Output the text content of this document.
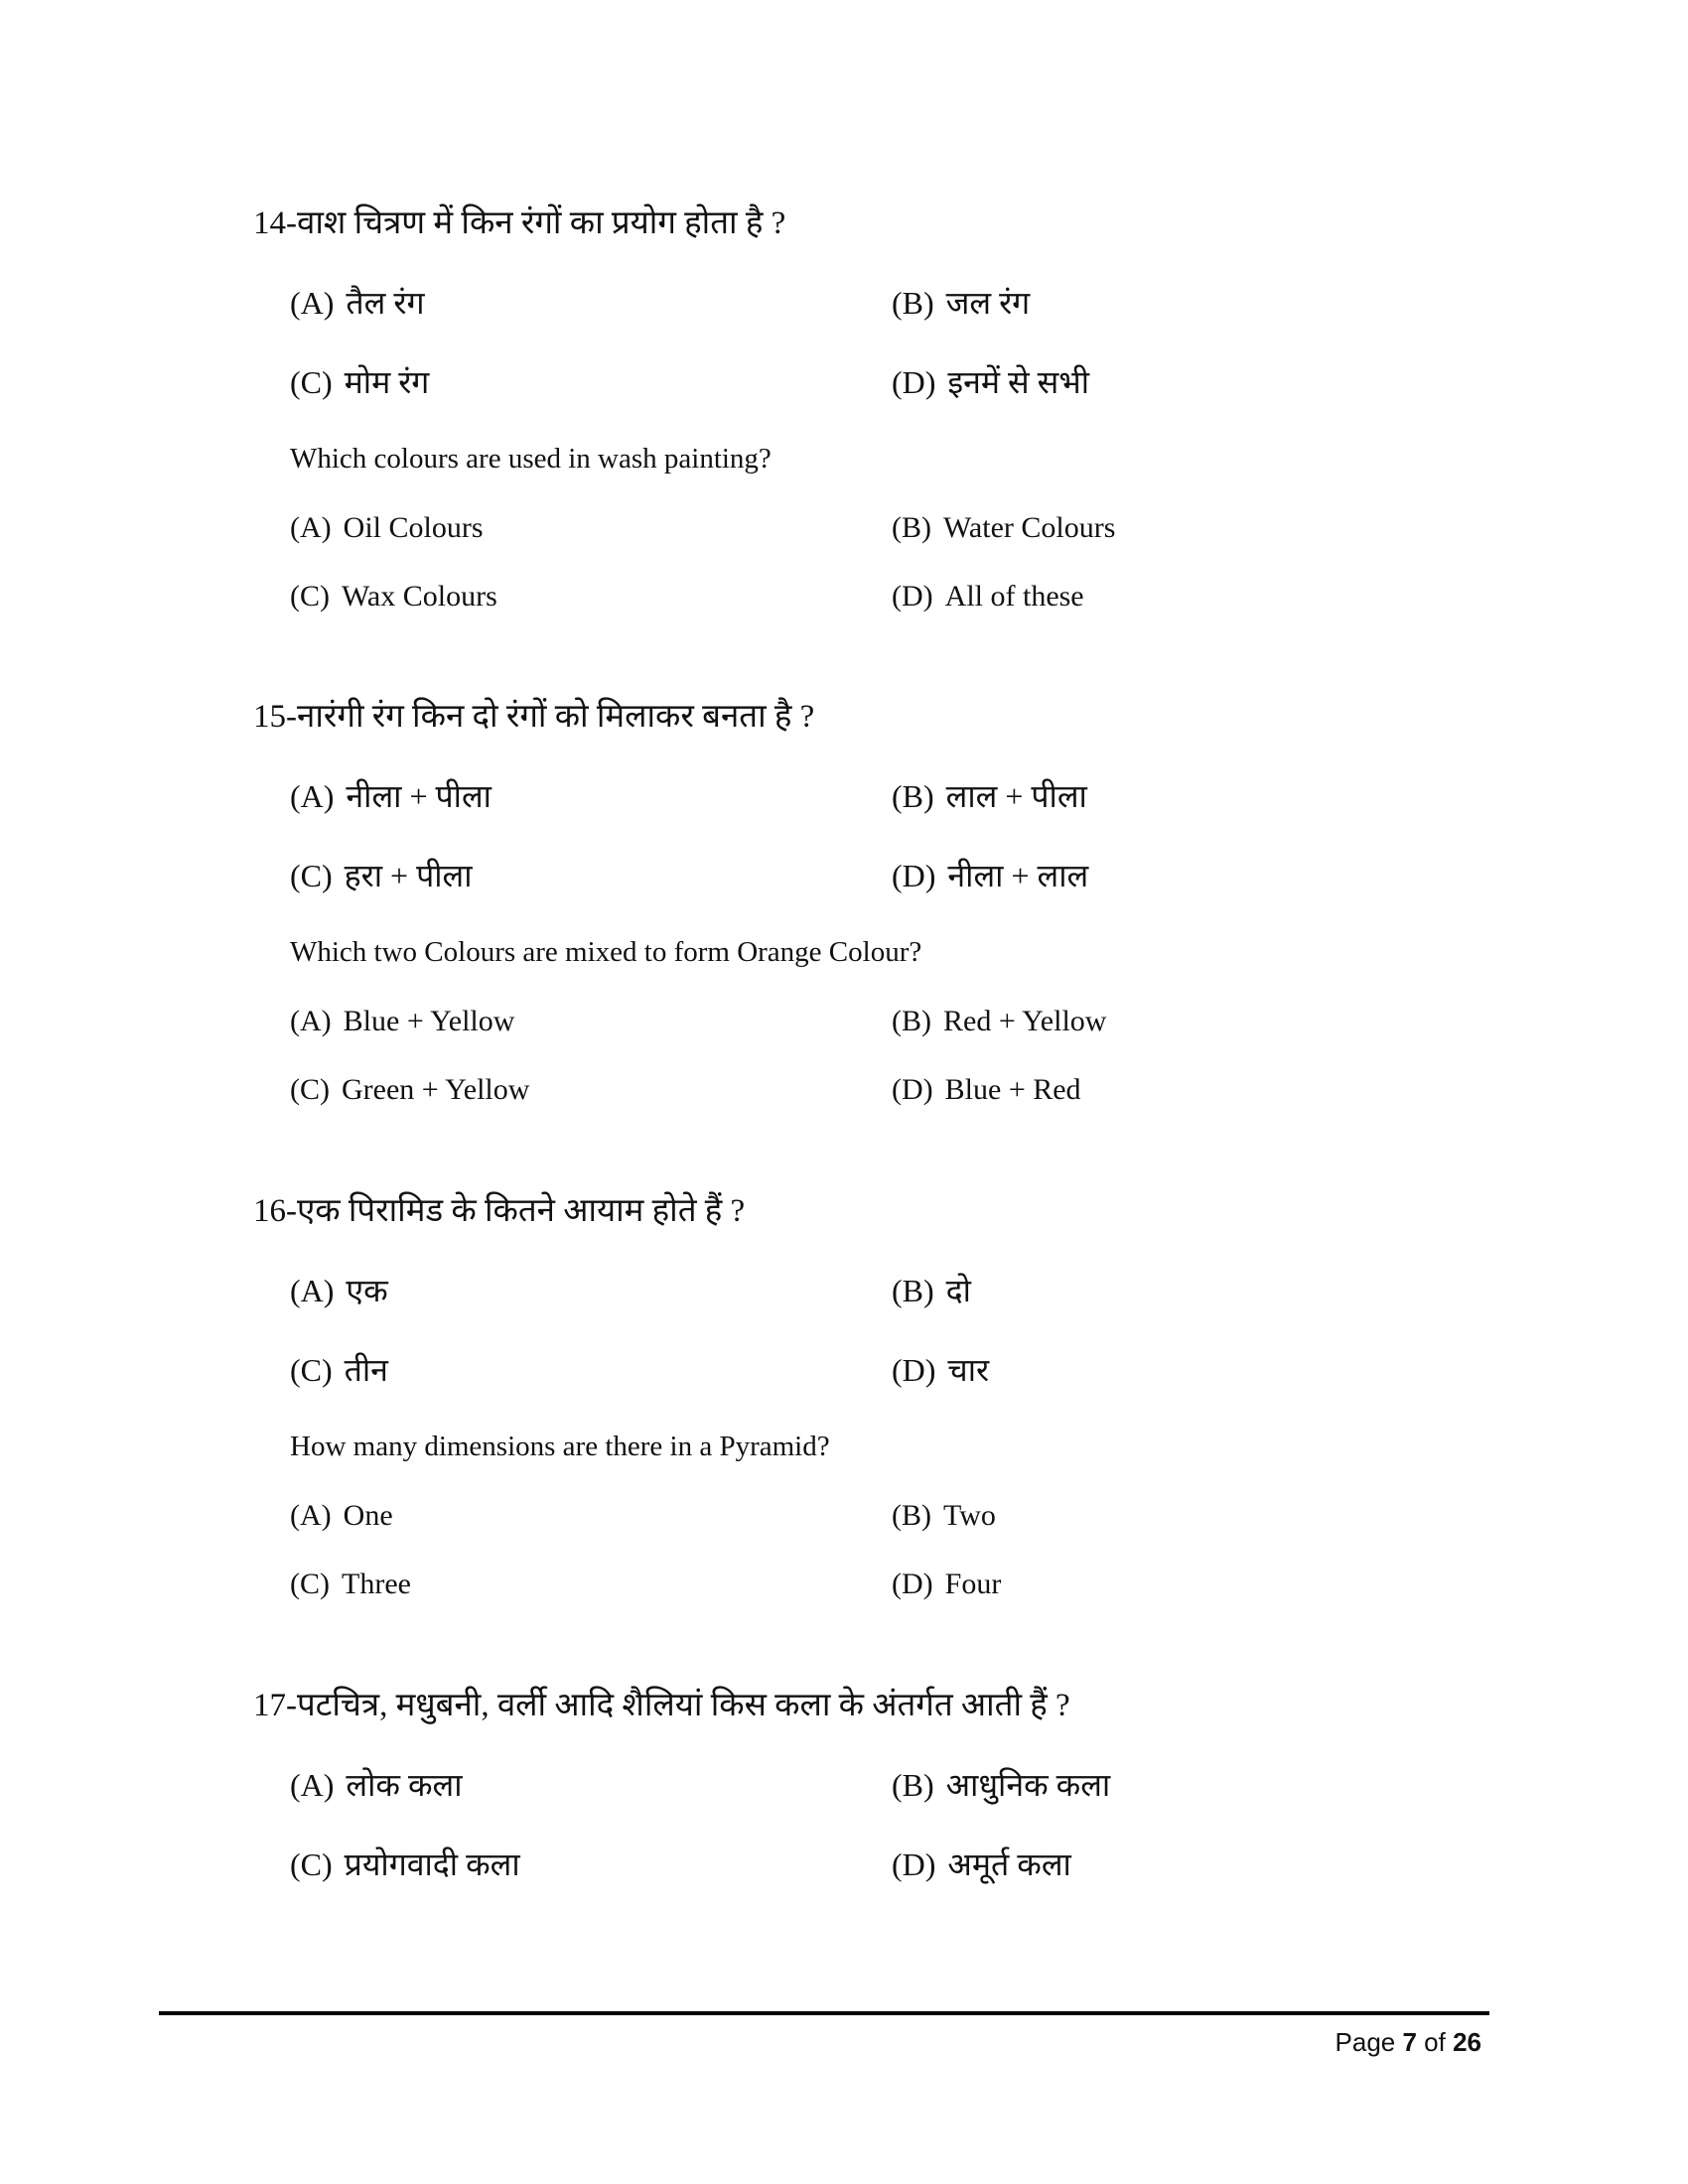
14-वाश चित्रण में किन रंगों का प्रयोग होता है ?
(A) तैल रंग	(B) जल रंग
(C) मोम रंग	(D) इनमें से सभी
Which colours are used in wash painting?
(A) Oil Colours	(B) Water Colours
(C) Wax Colours	(D) All of these
15-नारंगी रंग किन दो रंगों को मिलाकर बनता है ?
(A) नीला + पीला	(B) लाल + पीला
(C) हरा + पीला	(D) नीला + लाल
Which two Colours are mixed to form Orange Colour?
(A) Blue + Yellow	(B) Red + Yellow
(C) Green + Yellow	(D) Blue + Red
16-एक पिरामिड के कितने आयाम होते हैं ?
(A) एक	(B) दो
(C) तीन	(D) चार
How many dimensions are there in a Pyramid?
(A) One	(B) Two
(C) Three	(D) Four
17-पटचित्र, मधुबनी, वर्ली आदि शैलियां किस कला के अंतर्गत आती हैं ?
(A) लोक कला	(B) आधुनिक कला
(C) प्रयोगवादी कला	(D) अमूर्त कला
Page 7 of 26
